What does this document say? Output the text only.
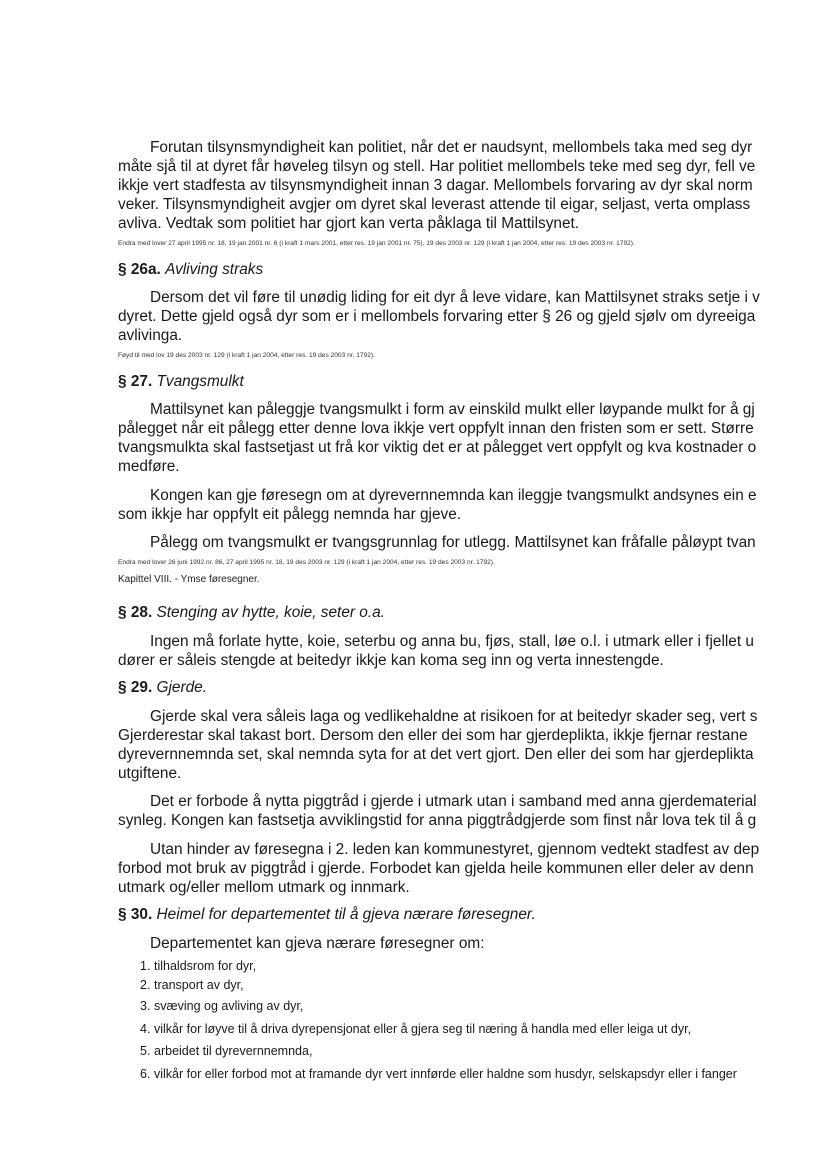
Forutan tilsynsmyndigheit kan politiet, når det er naudsynt, mellombels taka med seg dyr
måte sjå til at dyret får høveleg tilsyn og stell. Har politiet mellombels teke med seg dyr, fell ve
ikkje vert stadfesta av tilsynsmyndigheit innan 3 dagar. Mellombels forvaring av dyr skal norm
veker. Tilsynsmyndigheit avgjer om dyret skal leverast attende til eigar, seljast, verta omplass
avliva. Vedtak som politiet har gjort kan verta påklaga til Mattilsynet.
Endra med lover 27 april 1995 nr. 18, 19 jan 2001 nr. 6 (i kraft 1 mars 2001, etter res. 19 jan 2001 nr. 75), 19 des 2003 nr. 129 (i kraft 1 jan 2004, etter res. 19 des 2003 nr. 1792).
§ 26a. Avliving straks
Dersom det vil føre til unødig liding for eit dyr å leve vidare, kan Mattilsynet straks setje i v
dyret. Dette gjeld også dyr som er i mellombels forvaring etter § 26 og gjeld sjølv om dyreeiga
avlivinga.
Føyd til med lov 19 des 2003 nr. 129 (i kraft 1 jan 2004, etter res. 19 des 2003 nr. 1792).
§ 27. Tvangsmulkt
Mattilsynet kan påleggje tvangsmulkt i form av einskild mulkt eller løypande mulkt for å gj
pålegget når eit pålegg etter denne lova ikkje vert oppfylt innan den fristen som er sett. Større
tvangsmulkta skal fastsetjast ut frå kor viktig det er at pålegget vert oppfylt og kva kostnader o
medføre.
Kongen kan gje føresegn om at dyrevernnemnda kan ileggje tvangsmulkt andsynes ein e
som ikkje har oppfylt eit pålegg nemnda har gjeve.
Pålegg om tvangsmulkt er tvangsgrunnlag for utlegg. Mattilsynet kan fråfalle påløypt tvan
Endra med lover 26 juni 1992 nr. 86, 27 april 1995 nr. 18, 19 des 2003 nr. 129 (i kraft 1 jan 2004, etter res. 19 des 2003 nr. 1792).
Kapittel VIII. - Ymse føresegner.
§ 28. Stenging av hytte, koie, seter o.a.
Ingen må forlate hytte, koie, seterbu og anna bu, fjøs, stall, løe o.l. i utmark eller i fjellet u
dører er såleis stengde at beitedyr ikkje kan koma seg inn og verta innestengde.
§ 29. Gjerde.
Gjerde skal vera såleis laga og vedlikehaldne at risikoen for at beitedyr skader seg, vert s
Gjerderestar skal takast bort. Dersom den eller dei som har gjerdeplikta, ikkje fjernar restane
dyrevernnemnda set, skal nemnda syta for at det vert gjort. Den eller dei som har gjerdeplikta
utgiftene.
Det er forbode å nytta piggtråd i gjerde i utmark utan i samband med anna gjerdematerial
synleg. Kongen kan fastsetja avviklingstid for anna piggtrådgjerde som finst når lova tek til å g
Utan hinder av føresegna i 2. leden kan kommunestyret, gjennom vedtekt stadfest av dep
forbod mot bruk av piggtråd i gjerde. Forbodet kan gjelda heile kommunen eller deler av denn
utmark og/eller mellom utmark og innmark.
§ 30. Heimel for departementet til å gjeva nærare føresegner.
Departementet kan gjeva nærare føresegner om:
1. tilhaldsrom for dyr,
2. transport av dyr,
3. svæving og avliving av dyr,
4. vilkår for løyve til å driva dyrepensjonat eller å gjera seg til næring å handla med eller leiga ut dyr,
5. arbeidet til dyrevernnemnda,
6. vilkår for eller forbod mot at framande dyr vert innførde eller haldne som husdyr, selskapsdyr eller i fanger
